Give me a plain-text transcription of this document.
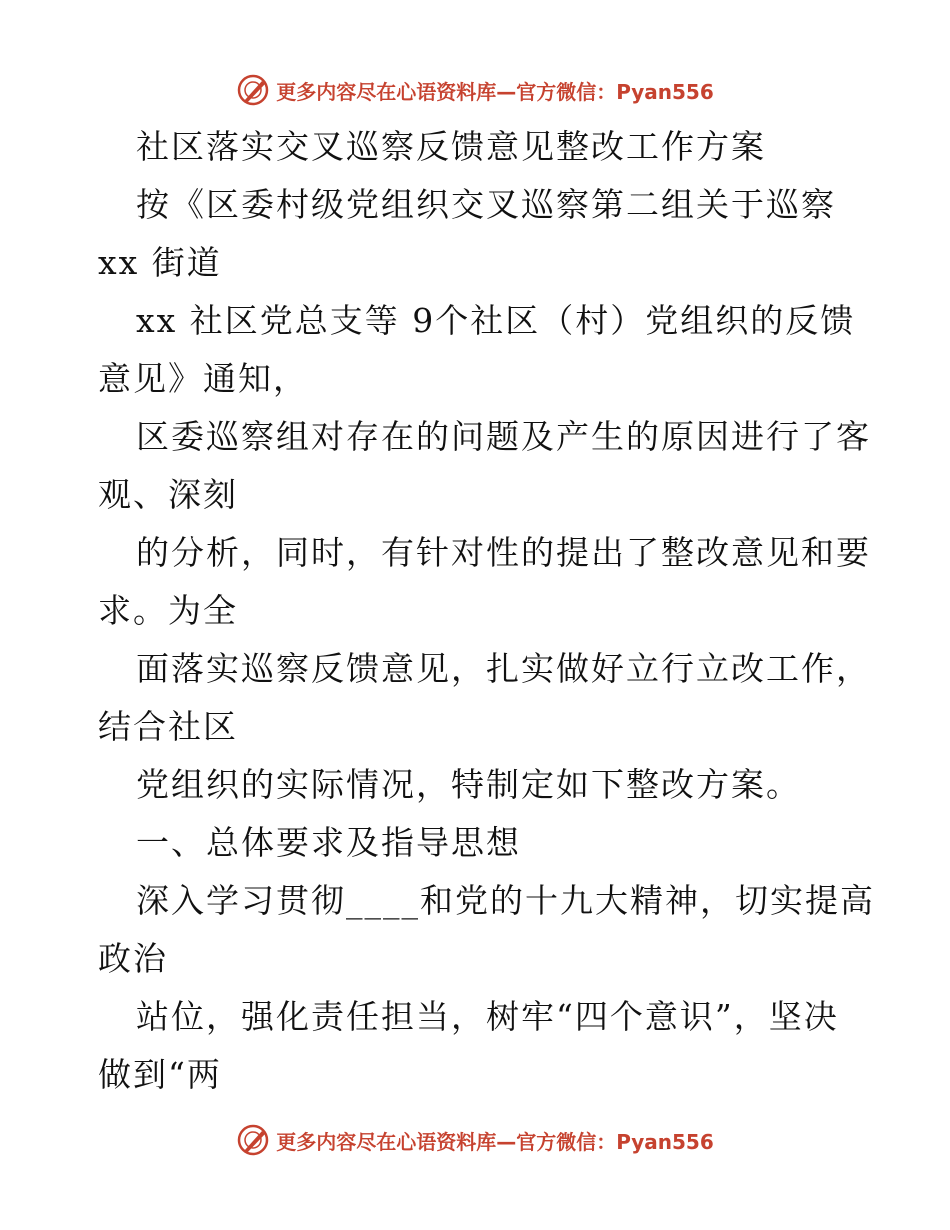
更多内容尽在心语资料库—官方微信：Pyan556
社区落实交叉巡察反馈意见整改工作方案
按《区委村级党组织交叉巡察第二组关于巡察
xx 街道
xx 社区党总支等 9个社区（村）党组织的反馈
意见》通知，
区委巡察组对存在的问题及产生的原因进行了客
观、深刻
的分析，同时，有针对性的提出了整改意见和要
求。为全
面落实巡察反馈意见，扎实做好立行立改工作，
结合社区
党组织的实际情况，特制定如下整改方案。
一、总体要求及指导思想
深入学习贯彻____和党的十九大精神，切实提高
政治
站位，强化责任担当，树牢“四个意识”，坚决
做到“两
更多内容尽在心语资料库—官方微信：Pyan556
